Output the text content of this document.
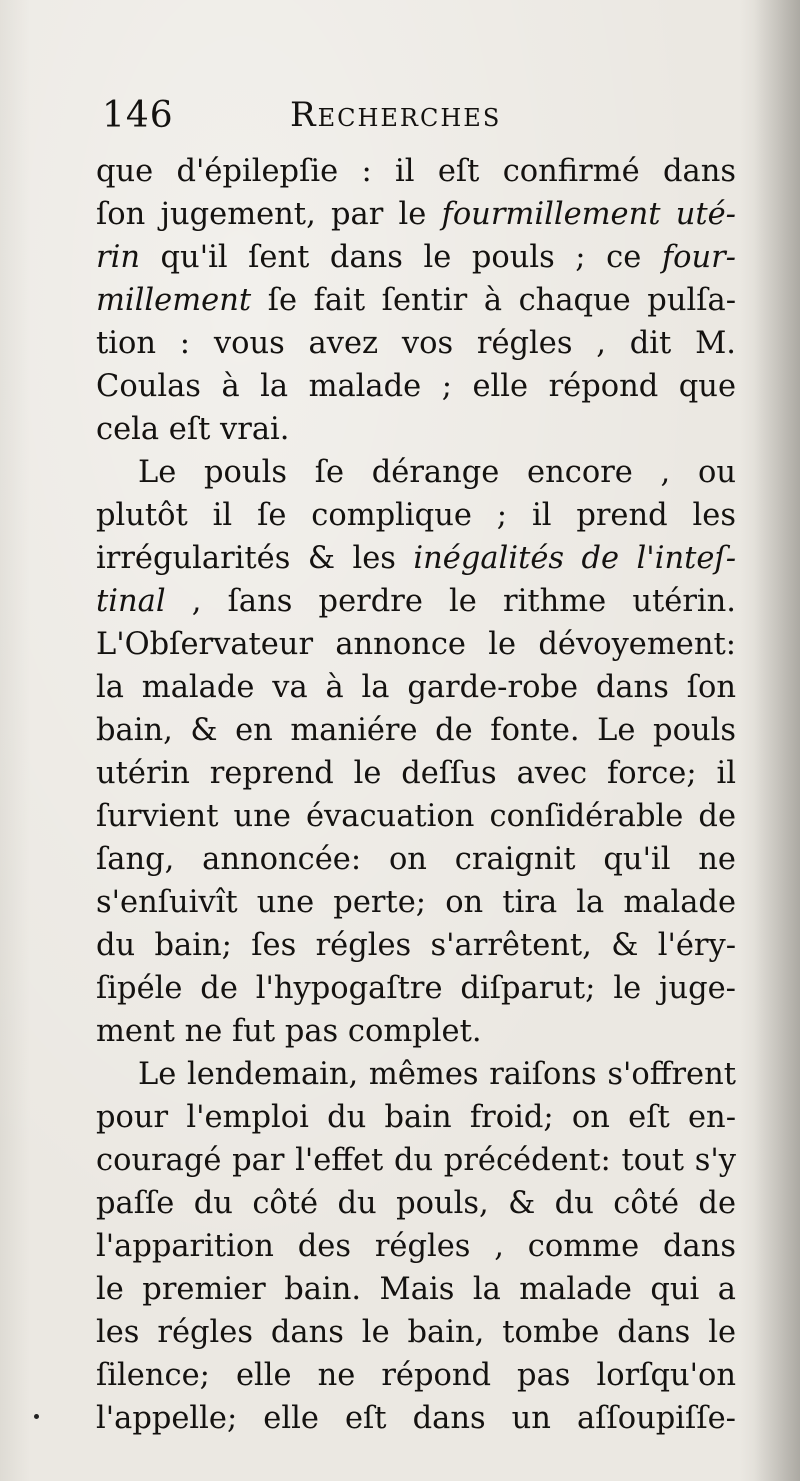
146	Recherches
que d'épilepſie : il eſt confirmé dans
ſon jugement, par le fourmillement uté-
rin qu'il ſent dans le pouls ; ce four-
millement ſe fait ſentir à chaque pulſa-
tion : vous avez vos régles , dit M.
Coulas à la malade ; elle répond que
cela eſt vrai.
Le pouls ſe dérange encore , ou
plutôt il ſe complique ; il prend les
irrégularités & les inégalités de l'inteſ-
tinal , ſans perdre le rithme utérin.
L'Obſervateur annonce le dévoyement:
la malade va à la garde-robe dans ſon
bain, & en maniére de fonte. Le pouls
utérin reprend le deſſus avec force; il
ſurvient une évacuation conſidérable de
ſang, annoncée: on craignit qu'il ne
s'enſuivît une perte; on tira la malade
du bain; ſes régles s'arrêtent, & l'éry-
ſipéle de l'hypogaſtre diſparut; le juge-
ment ne fut pas complet.
Le lendemain, mêmes raiſons s'offrent
pour l'emploi du bain froid; on eſt en-
couragé par l'effet du précédent: tout s'y
paſſe du côté du pouls, & du côté de
l'apparition des régles , comme dans
le premier bain. Mais la malade qui a
les régles dans le bain, tombe dans le
ſilence; elle ne répond pas lorſqu'on
l'appelle; elle eſt dans un aſſoupiſſe-
